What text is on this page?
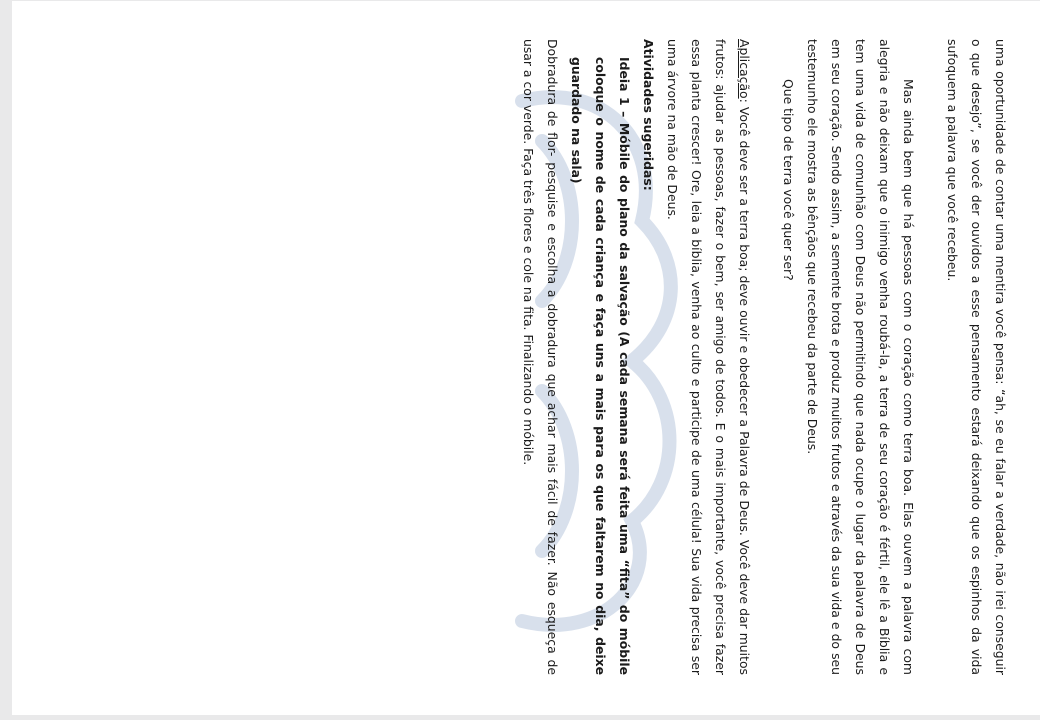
uma oportunidade de contar uma mentira você pensa: “ah, se eu falar a verdade, não irei conseguir o que desejo”, se você der ouvidos a esse pensamento estará deixando que os espinhos da vida sufoquem a palavra que você recebeu.

Mas ainda bem que há pessoas com o coração como terra boa. Elas ouvem a palavra com alegria e não deixam que o inimigo venha roubá-la, a terra de seu coração é fértil, ele lê a Bíblia e tem uma vida de comunhão com Deus não permitindo que nada ocupe o lugar da palavra de Deus em seu coração. Sendo assim, a semente brota e produz muitos frutos e através da sua vida e do seu testemunho ele mostra as bênçãos que recebeu da parte de Deus.

Que tipo de terra você quer ser?

Aplicação: Você deve ser a terra boa; deve ouvir e obedecer a Palavra de Deus. Você deve dar muitos frutos: ajudar as pessoas, fazer o bem, ser amigo de todos. E o mais importante, você precisa fazer essa planta crescer! Ore, leia a bíblia, venha ao culto e participe de uma célula! Sua vida precisa ser uma árvore na mão de Deus.

Atividades sugeridas:

Ideia 1 – Móbile do plano da salvação (A cada semana será feita uma “fita” do móbile coloque o nome de cada criança e faça uns a mais para os que faltarem no dia, deixe guardado na sala)

Dobradura de flor- pesquise e escolha a dobradura que achar mais fácil de fazer. Não esqueça de usar a cor verde. Faça três flores e cole na fita. Finalizando o móbile.
